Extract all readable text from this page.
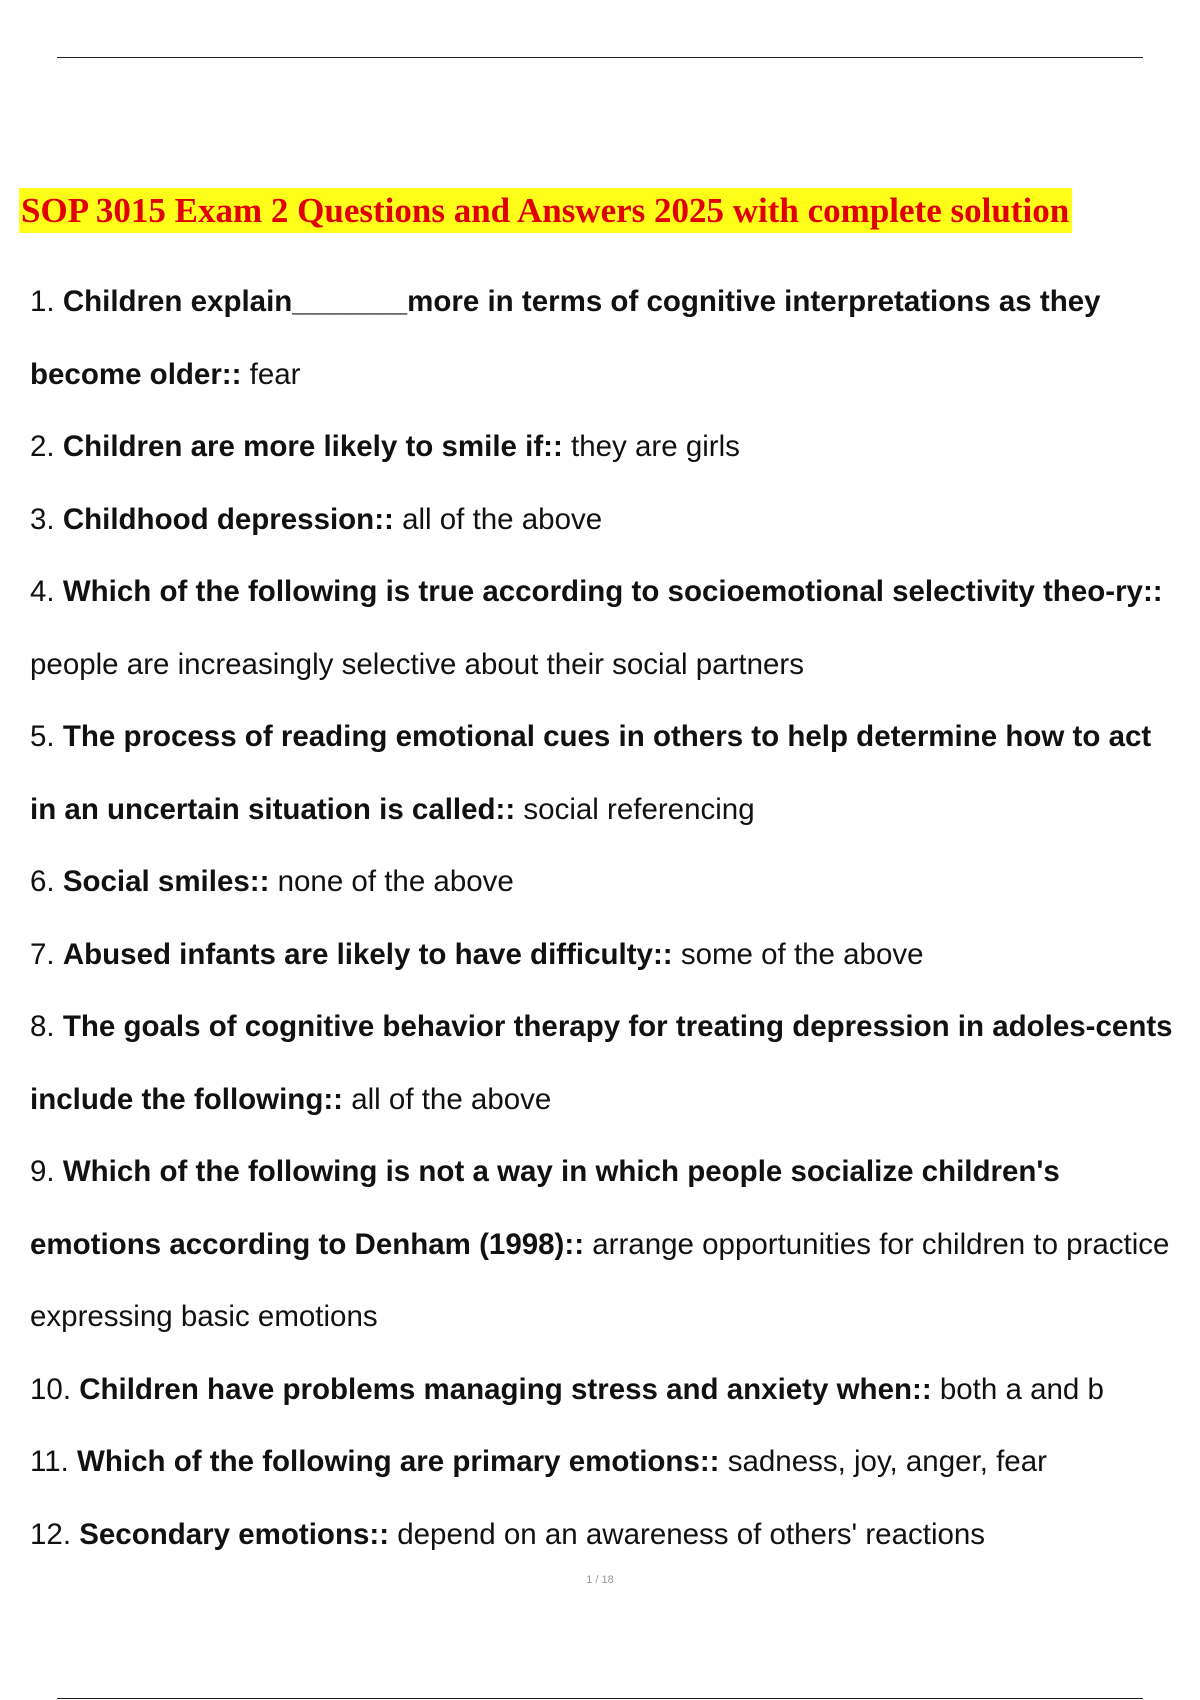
SOP 3015 Exam 2 Questions and Answers 2025 with complete solution
1. Children explain_______more in terms of cognitive interpretations as they become older:: fear
2. Children are more likely to smile if:: they are girls
3. Childhood depression:: all of the above
4. Which of the following is true according to socioemotional selectivity theo-ry:: people are increasingly selective about their social partners
5. The process of reading emotional cues in others to help determine how to act in an uncertain situation is called:: social referencing
6. Social smiles:: none of the above
7. Abused infants are likely to have difficulty:: some of the above
8. The goals of cognitive behavior therapy for treating depression in adoles-cents include the following:: all of the above
9. Which of the following is not a way in which people socialize children's emotions according to Denham (1998):: arrange opportunities for children to practice expressing basic emotions
10. Children have problems managing stress and anxiety when:: both a and b
11. Which of the following are primary emotions:: sadness, joy, anger, fear
12. Secondary emotions:: depend on an awareness of others' reactions
1 / 18
